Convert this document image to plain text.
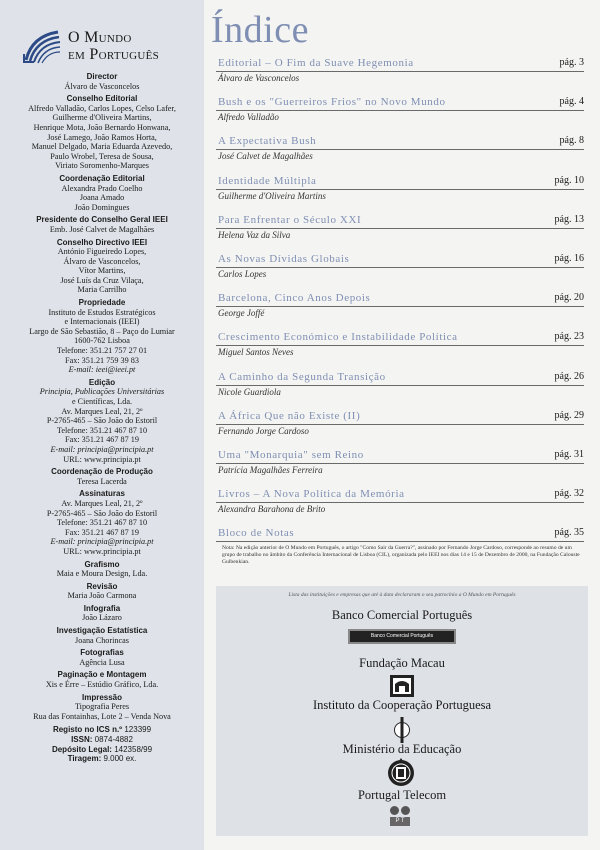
O Mundo
em Português
Director
Álvaro de Vasconcelos
Conselho Editorial
Alfredo Valladão, Carlos Lopes, Celso Lafer,
Guilherme d'Oliveira Martins,
Henrique Mota, João Bernardo Honwana,
José Lamego, João Ramos Horta,
Manuel Delgado, Maria Eduarda Azevedo,
Paulo Wrobel, Teresa de Sousa,
Viriato Soromenho-Marques
Coordenação Editorial
Alexandra Prado Coelho
Joana Amado
João Domingues
Presidente do Conselho Geral IEEI
Emb. José Calvet de Magalhães
Conselho Directivo IEEI
António Figueiredo Lopes,
Álvaro de Vasconcelos,
Vítor Martins,
José Luís da Cruz Vilaça,
Maria Carrilho
Propriedade
Instituto de Estudos Estratégicos
e Internacionais (IEEI)
Largo de São Sebastião, 8 – Paço do Lumiar
1600-762 Lisboa
Telefone: 351.21 757 27 01
Fax: 351.21 759 39 83
E-mail: ieei@ieei.pt
Edição
Principia, Publicações Universitárias
e Científicas, Lda.
Av. Marques Leal, 21, 2º
P-2765-465 – São João do Estoril
Telefone: 351.21 467 87 10
Fax: 351.21 467 87 19
E-mail: principia@principia.pt
URL: www.principia.pt
Coordenação de Produção
Teresa Lacerda
Assinaturas
Av. Marques Leal, 21, 2º
P-2765-465 – São João do Estoril
Telefone: 351.21 467 87 10
Fax: 351.21 467 87 19
E-mail: principia@principia.pt
URL: www.principia.pt
Grafismo
Maia e Moura Design, Lda.
Revisão
Maria João Carmona
Infografia
João Lázaro
Investigação Estatística
Joana Chorincas
Fotografias
Agência Lusa
Paginação e Montagem
Xis e Érre – Estúdio Gráfico, Lda.
Impressão
Tipografia Peres
Rua das Fontainhas, Lote 2 – Venda Nova
Registo no ICS n.º 123399
ISSN: 0874-4882
Depósito Legal: 142358/99
Tiragem: 9.000 ex.
Índice
Editorial – O Fim da Suave Hegemonia	pág. 3
Álvaro de Vasconcelos
Bush e os "Guerreiros Frios" no Novo Mundo	pág. 4
Alfredo Valladão
A Expectativa Bush	pág. 8
José Calvet de Magalhães
Identidade Múltipla	pág. 10
Guilherme d'Oliveira Martins
Para Enfrentar o Século XXI	pág. 13
Helena Vaz da Silva
As Novas Dívidas Globais	pág. 16
Carlos Lopes
Barcelona, Cinco Anos Depois	pág. 20
George Joffé
Crescimento Económico e Instabilidade Política	pág. 23
Miguel Santos Neves
A Caminho da Segunda Transição	pág. 26
Nicole Guardiola
A África Que não Existe (II)	pág. 29
Fernando Jorge Cardoso
Uma "Monarquia" sem Reino	pág. 31
Patrícia Magalhães Ferreira
Livros – A Nova Política da Memória	pág. 32
Alexandra Barahona de Brito
Bloco de Notas	pág. 35
Nota: Na edição anterior de O Mundo em Português, o artigo "Como Sair da Guerra?", assinado por Fernando Jorge Cardoso, corresponde ao resumo de um grupo de trabalho no âmbito da Conferência Internacional de Lisboa (CIL), organizada pelo IEEI nos dias 14 e 15 de Dezembro de 2000, na Fundação Calouste Gulbenkian.
Lista das instituições e empresas que até à data declararam o seu patrocínio a O Mundo em Português
Banco Comercial Português
Banco Comercial Português
Fundação Macau
Instituto da Cooperação Portuguesa
Ministério da Educação
Portugal Telecom
P T
